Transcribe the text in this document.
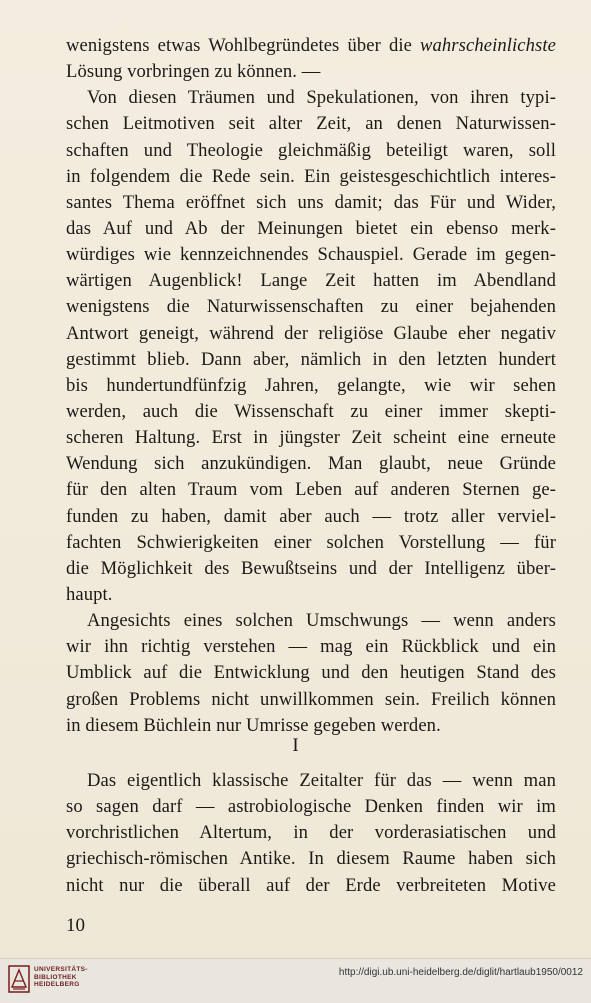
wenigstens etwas Wohlbegründetes über die wahrscheinlichste
Lösung vorbringen zu können. —
Von diesen Träumen und Spekulationen, von ihren typi-
schen Leitmotiven seit alter Zeit, an denen Naturwissen-
schaften und Theologie gleichmäßig beteiligt waren, soll
in folgendem die Rede sein. Ein geistesgeschichtlich interes-
santes Thema eröffnet sich uns damit; das Für und Wider,
das Auf und Ab der Meinungen bietet ein ebenso merk-
würdiges wie kennzeichnendes Schauspiel. Gerade im gegen-
wärtigen Augenblick! Lange Zeit hatten im Abendland
wenigstens die Naturwissenschaften zu einer bejahenden
Antwort geneigt, während der religiöse Glaube eher negativ
gestimmt blieb. Dann aber, nämlich in den letzten hundert
bis hundertundfünfzig Jahren, gelangte, wie wir sehen
werden, auch die Wissenschaft zu einer immer skepti-
scheren Haltung. Erst in jüngster Zeit scheint eine erneute
Wendung sich anzukündigen. Man glaubt, neue Gründe
für den alten Traum vom Leben auf anderen Sternen ge-
funden zu haben, damit aber auch — trotz aller verviel-
fachten Schwierigkeiten einer solchen Vorstellung — für
die Möglichkeit des Bewußtseins und der Intelligenz über-
haupt.
Angesichts eines solchen Umschwungs — wenn anders
wir ihn richtig verstehen — mag ein Rückblick und ein
Umblick auf die Entwicklung und den heutigen Stand des
großen Problems nicht unwillkommen sein. Freilich können
in diesem Büchlein nur Umrisse gegeben werden.
I
Das eigentlich klassische Zeitalter für das — wenn man
so sagen darf — astrobiologische Denken finden wir im
vorchristlichen Altertum, in der vorderasiatischen und
griechisch-römischen Antike. In diesem Raume haben sich
nicht nur die überall auf der Erde verbreiteten Motive
10
UNIVERSITÄTS-
BIBLIOTHEK
HEIDELBERG
http://digi.ub.uni-heidelberg.de/diglit/hartlaub1950/0012
